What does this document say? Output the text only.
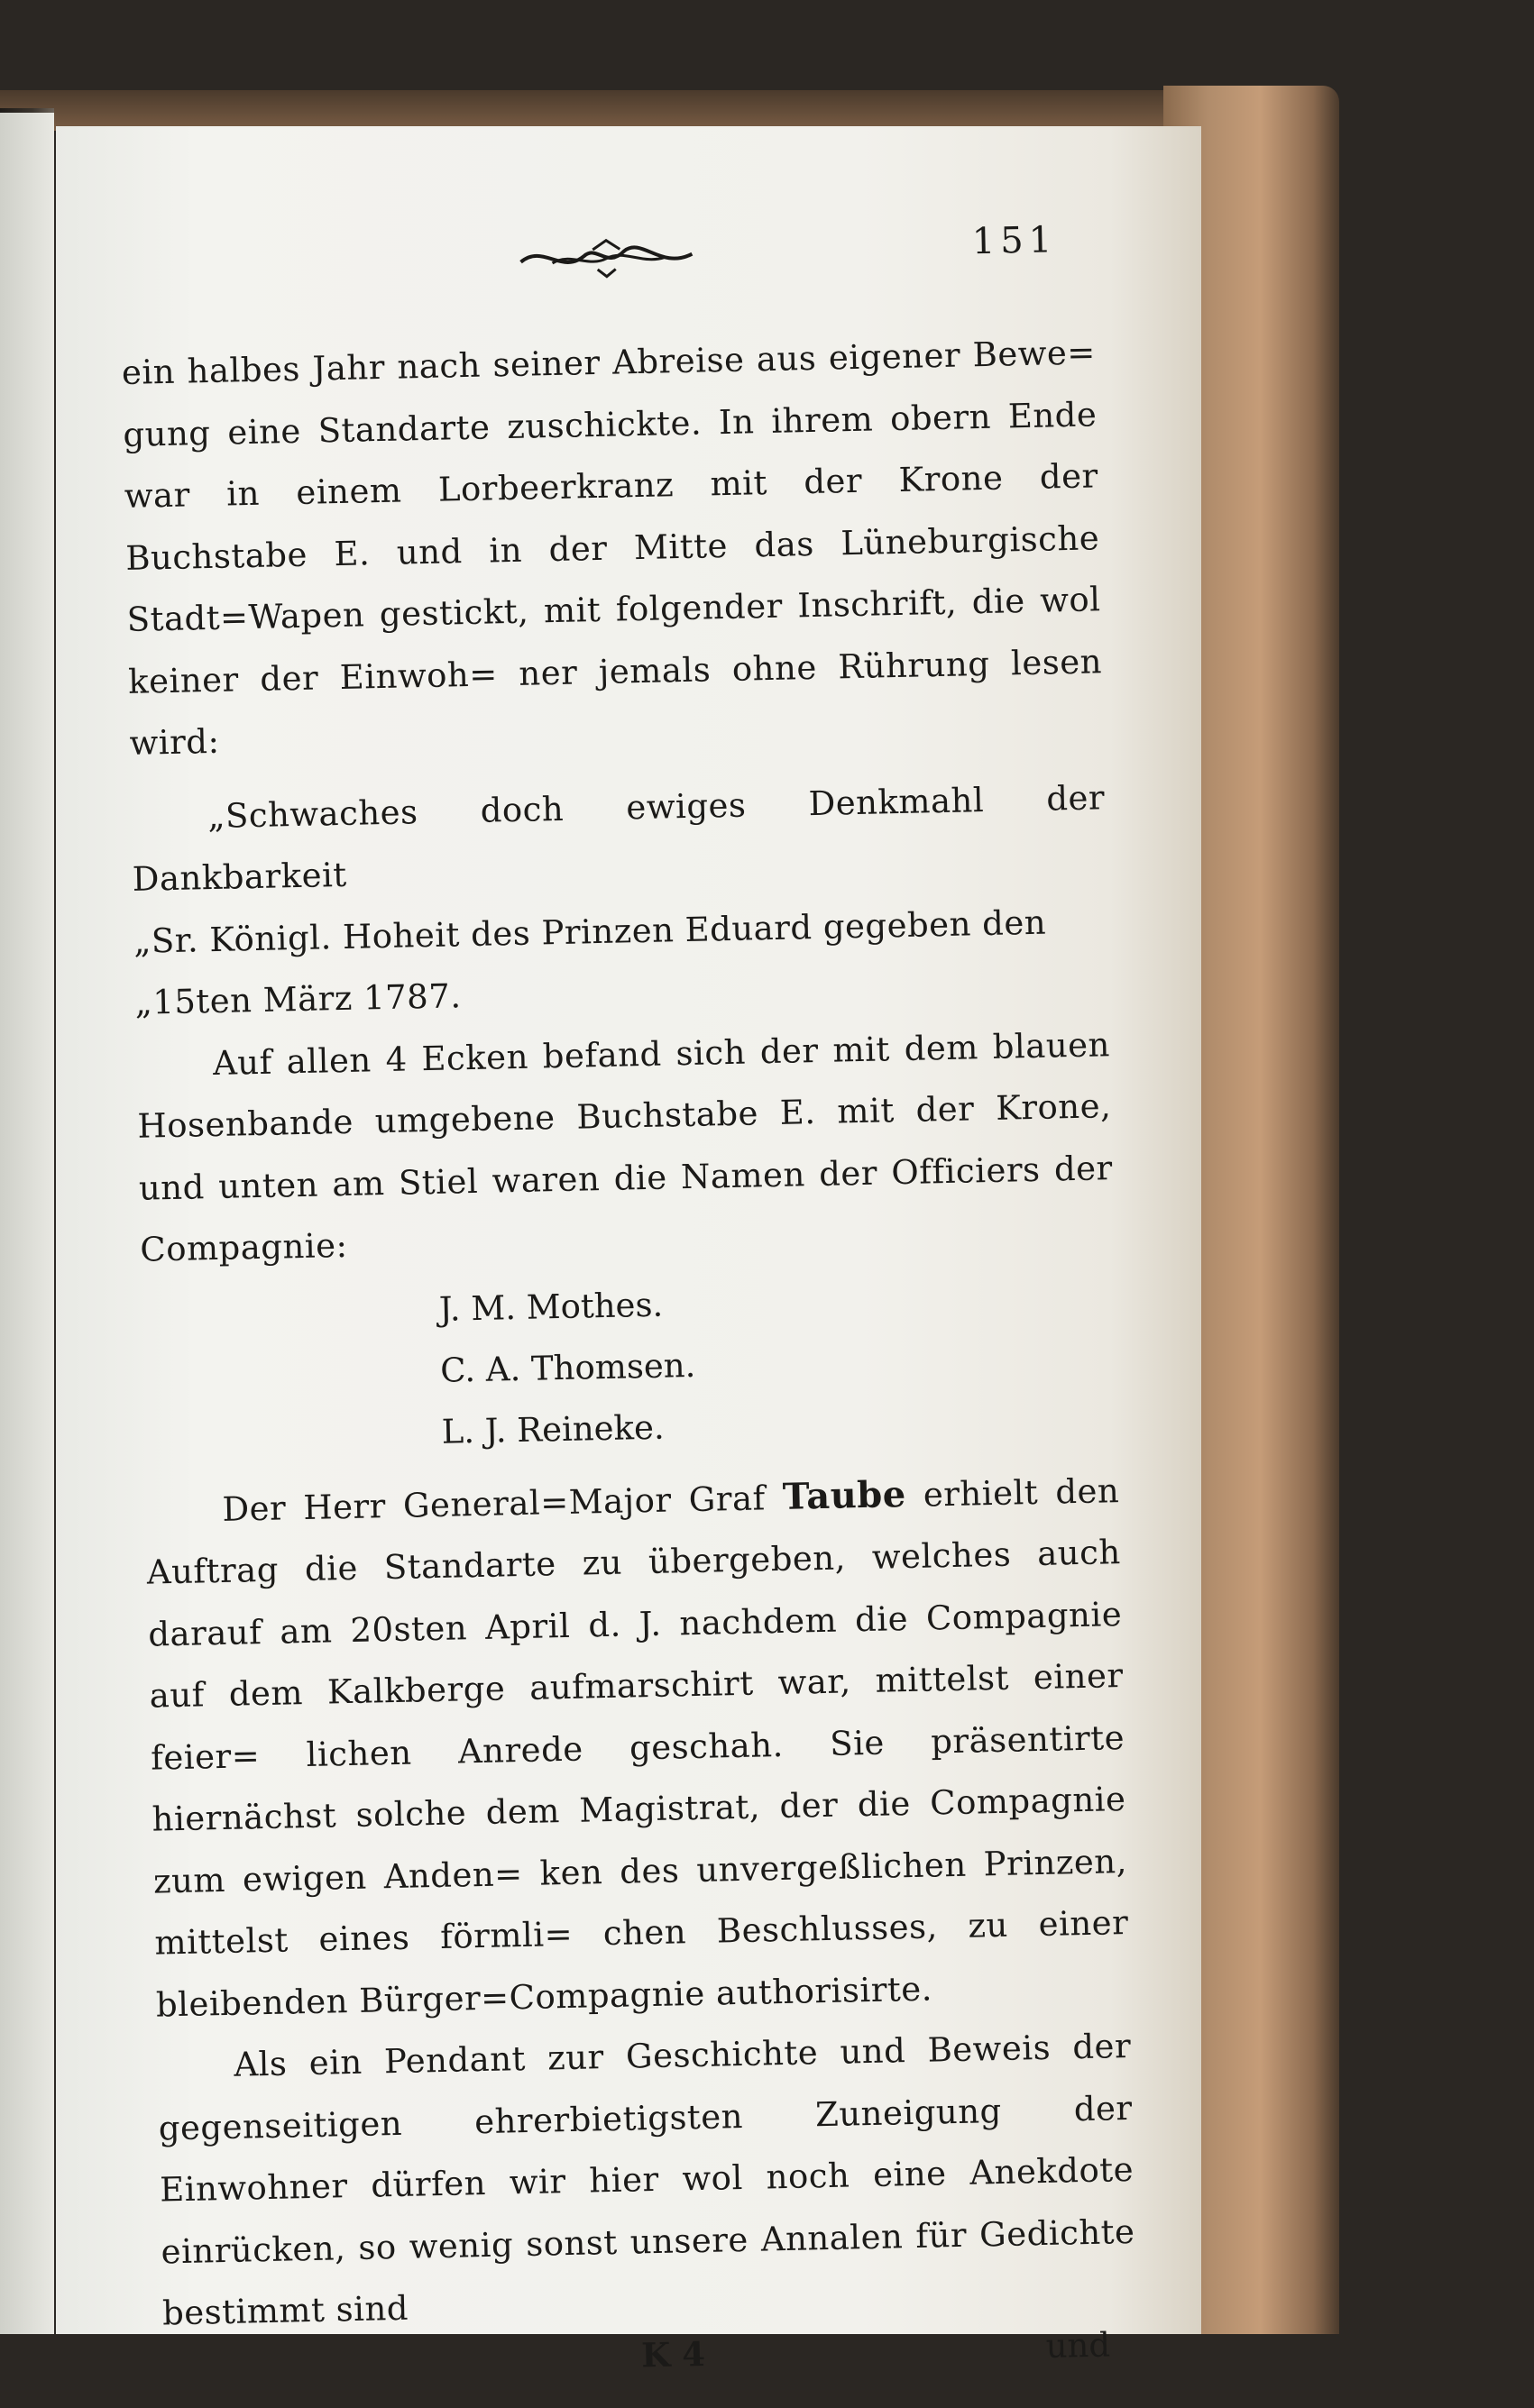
151

ein halbes Jahr nach seiner Abreise aus eigener Bewe= gung eine Standarte zuschickte. In ihrem obern Ende war in einem Lorbeerkranz mit der Krone der Buchstabe E. und in der Mitte das Lüneburgische Stadt=Wapen gestickt, mit folgender Inschrift, die wol keiner der Einwoh= ner jemals ohne Rührung lesen wird:

„Schwaches doch ewiges Denkmahl der Dankbarkeit

„Sr. Königl. Hoheit des Prinzen Eduard gegeben den

„15ten März 1787.

Auf allen 4 Ecken befand sich der mit dem blauen Hosenbande umgebene Buchstabe E. mit der Krone, und unten am Stiel waren die Namen der Officiers der Compagnie:

J. M. Mothes.
C. A. Thomsen.
L. J. Reineke.

Der Herr General=Major Graf Taube erhielt den Auftrag die Standarte zu übergeben, welches auch darauf am 20sten April d. J. nachdem die Compagnie auf dem Kalkberge aufmarschirt war, mittelst einer feier= lichen Anrede geschah. Sie präsentirte hiernächst solche dem Magistrat, der die Compagnie zum ewigen Anden= ken des unvergeßlichen Prinzen, mittelst eines förmli= chen Beschlusses, zu einer bleibenden Bürger=Compagnie authorisirte.

Als ein Pendant zur Geschichte und Beweis der gegenseitigen ehrerbietigsten Zuneigung der Einwohner dürfen wir hier wol noch eine Anekdote einrücken, so wenig sonst unsere Annalen für Gedichte bestimmt sind

K 4	und
